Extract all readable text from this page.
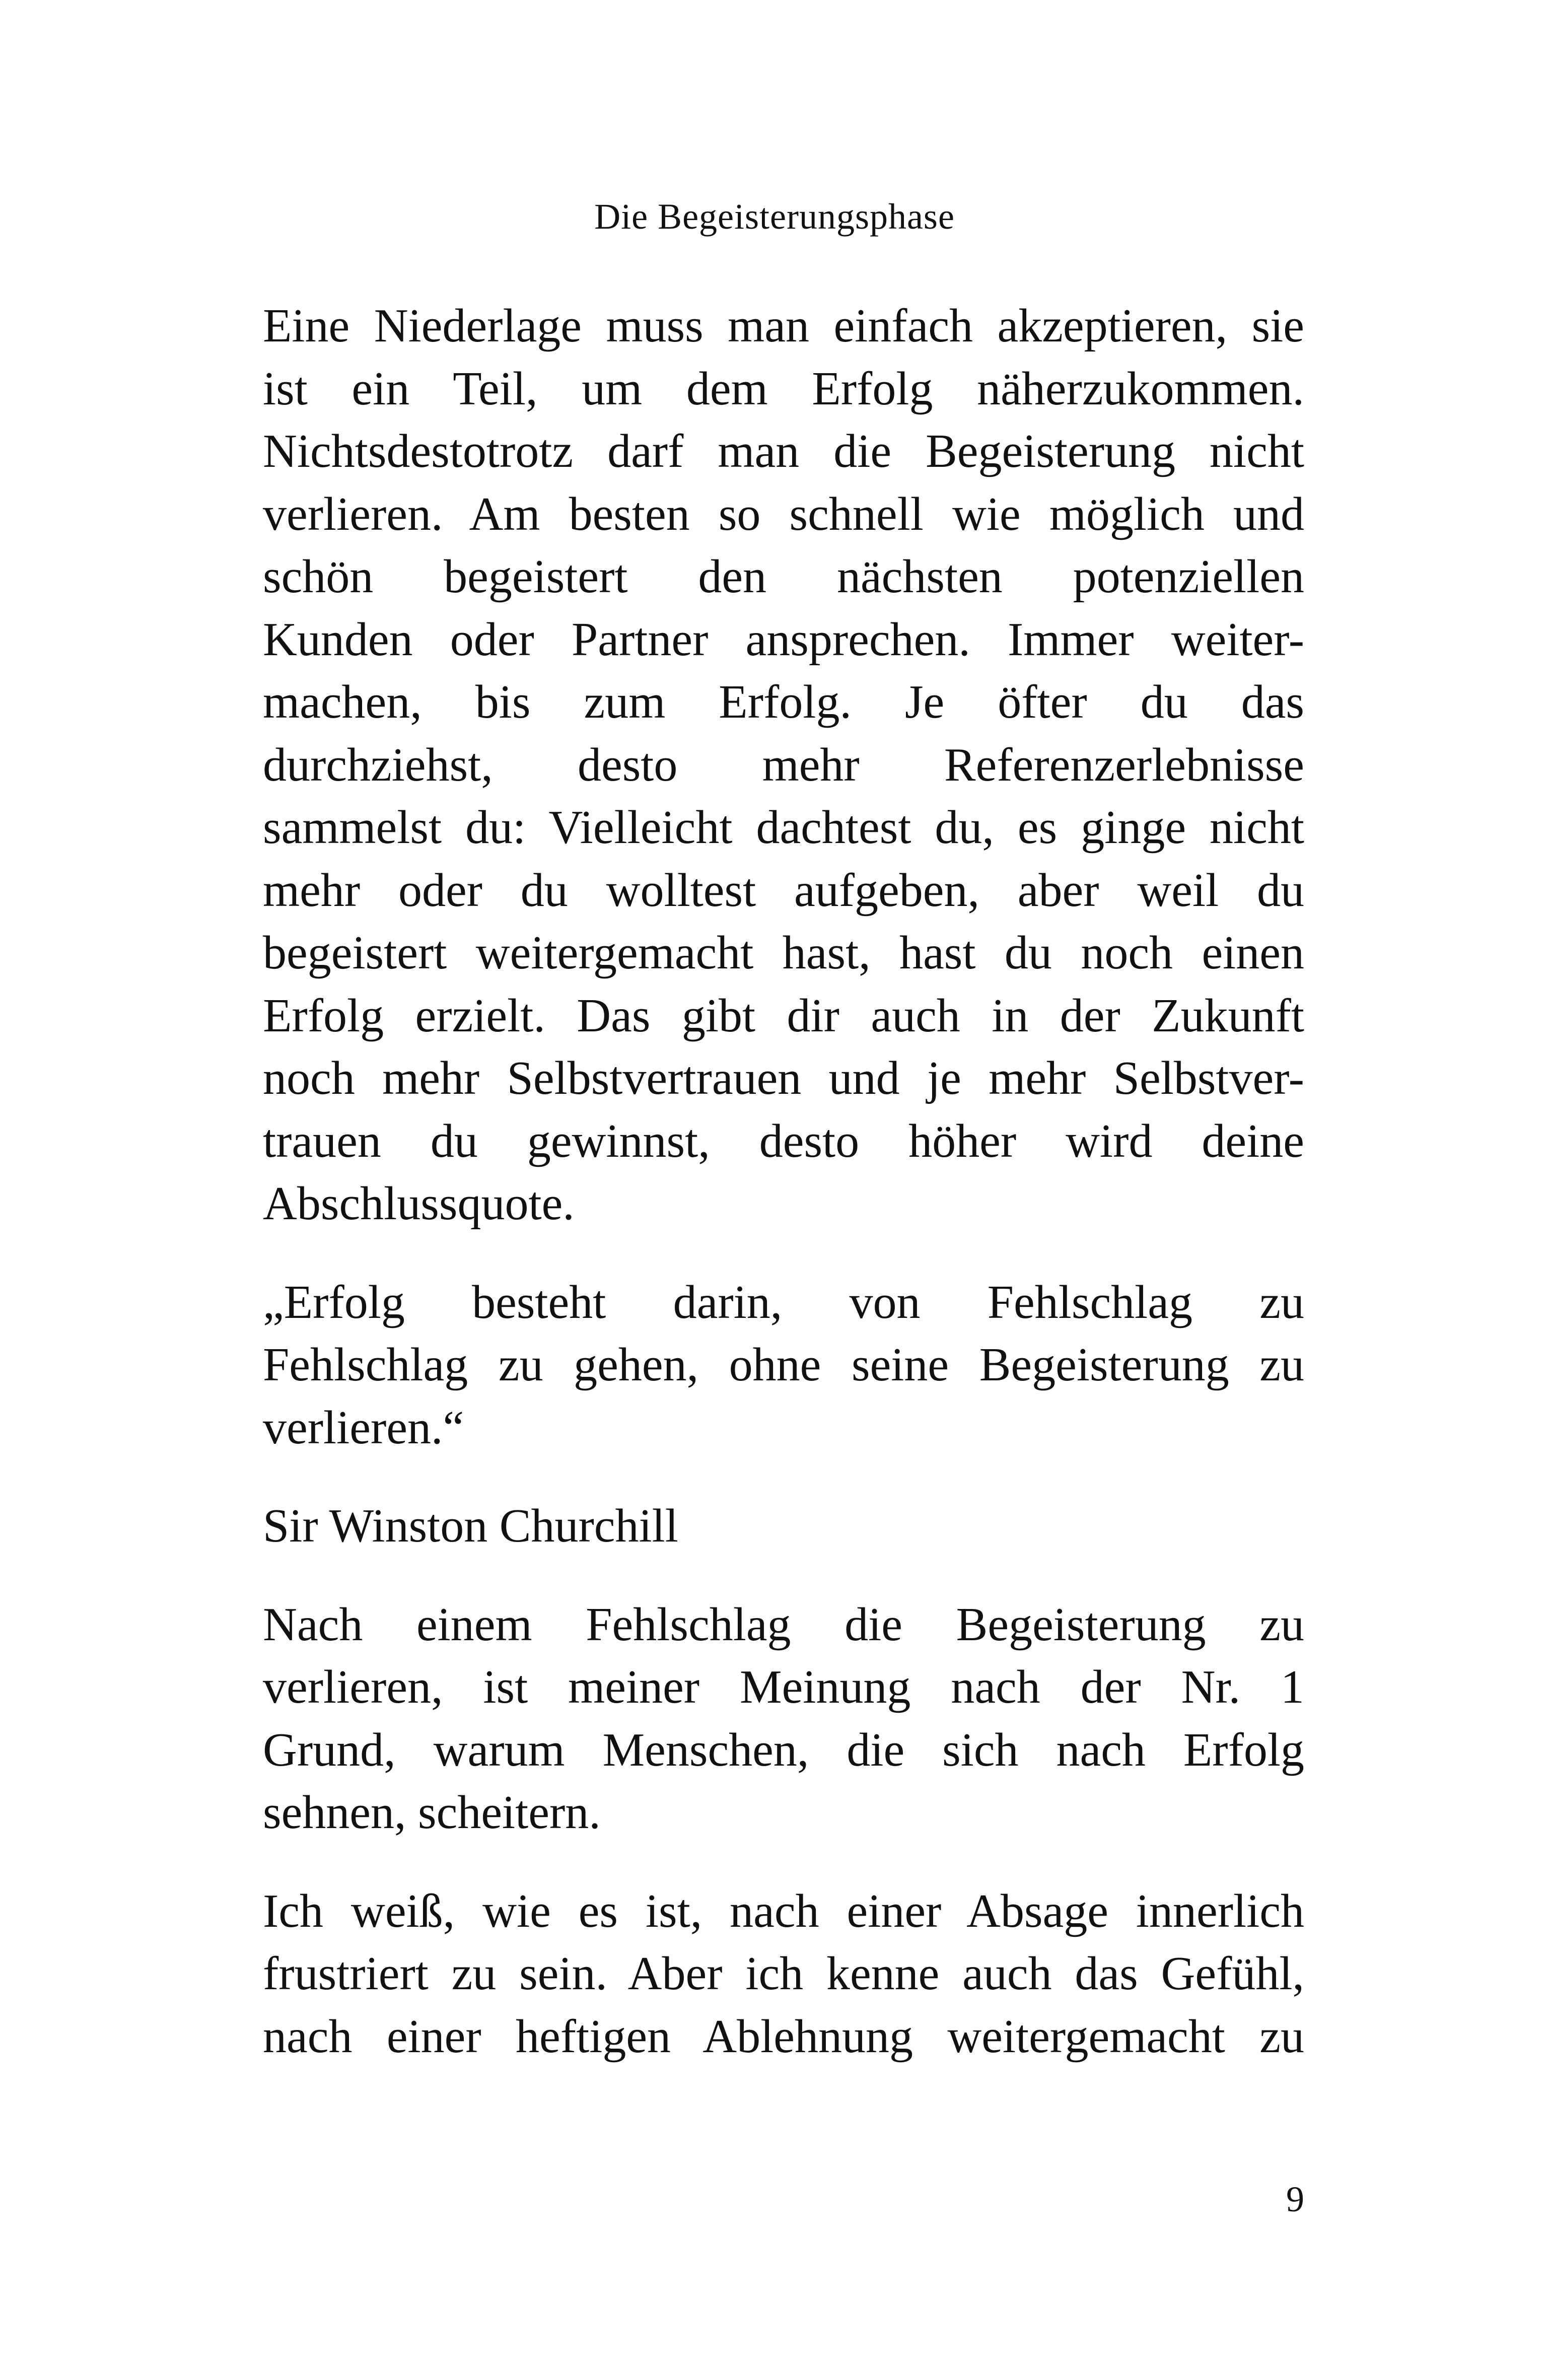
Die Begeisterungsphase

Eine Niederlage muss man einfach akzeptieren, sie
ist ein Teil, um dem Erfolg näherzukommen.
Nichtsdestotrotz darf man die Begeisterung nicht
verlieren. Am besten so schnell wie möglich und
schön begeistert den nächsten potenziellen
Kunden oder Partner ansprechen. Immer weiter-
machen, bis zum Erfolg. Je öfter du das
durchziehst, desto mehr Referenzerlebnisse
sammelst du: Vielleicht dachtest du, es ginge nicht
mehr oder du wolltest aufgeben, aber weil du
begeistert weitergemacht hast, hast du noch einen
Erfolg erzielt. Das gibt dir auch in der Zukunft
noch mehr Selbstvertrauen und je mehr Selbstver-
trauen du gewinnst, desto höher wird deine
Abschlussquote.

„Erfolg besteht darin, von Fehlschlag zu
Fehlschlag zu gehen, ohne seine Begeisterung zu
verlieren.“

Sir Winston Churchill

Nach einem Fehlschlag die Begeisterung zu
verlieren, ist meiner Meinung nach der Nr. 1
Grund, warum Menschen, die sich nach Erfolg
sehnen, scheitern.

Ich weiß, wie es ist, nach einer Absage innerlich
frustriert zu sein. Aber ich kenne auch das Gefühl,
nach einer heftigen Ablehnung weitergemacht zu

9
